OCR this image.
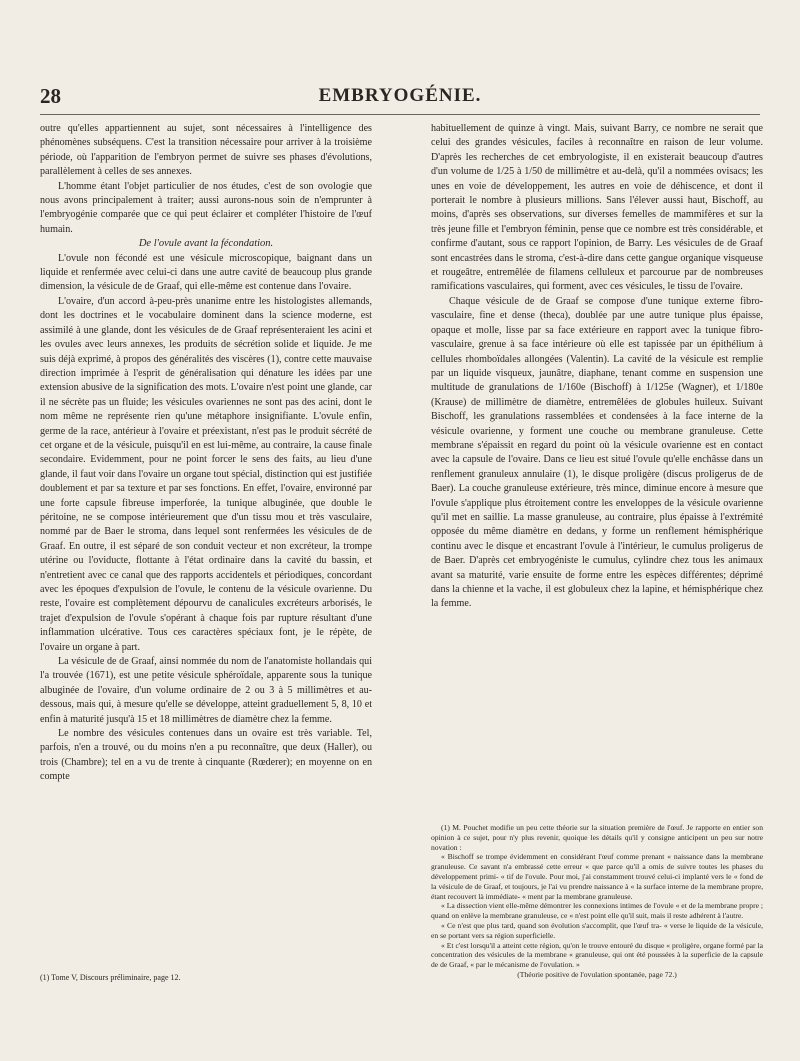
28	EMBRYOGÉNIE.

outre qu'elles appartiennent au sujet, sont nécessaires à l'intelligence des phénomènes subséquens. C'est la transition nécessaire pour arriver à la troisième période, où l'apparition de l'embryon permet de suivre ses phases d'évolutions, parallèlement à celles de ses annexes.

L'homme étant l'objet particulier de nos études, c'est de son ovologie que nous avons principalement à traiter; aussi aurons-nous soin de n'emprunter à l'embryogénie comparée que ce qui peut éclairer et compléter l'histoire de l'œuf humain.

De l'ovule avant la fécondation.

L'ovule non fécondé est une vésicule microscopique, baignant dans un liquide et renfermée avec celui-ci dans une autre cavité de beaucoup plus grande dimension, la vésicule de de Graaf, qui elle-même est contenue dans l'ovaire.

L'ovaire, d'un accord à-peu-près unanime entre les histologistes allemands, dont les doctrines et le vocabulaire dominent dans la science moderne, est assimilé à une glande, dont les vésicules de de Graaf représenteraient les acini et les ovules avec leurs annexes, les produits de sécrétion solide et liquide. Je me suis déjà exprimé, à propos des généralités des viscères (1), contre cette mauvaise direction imprimée à l'esprit de généralisation qui dénature les idées par une extension abusive de la signification des mots. L'ovaire n'est point une glande, car il ne sécrète pas un fluide; les vésicules ovariennes ne sont pas des acini, dont le nom même ne représente rien qu'une métaphore insignifiante. L'ovule enfin, germe de la race, antérieur à l'ovaire et préexistant, n'est pas le produit sécrété de cet organe et de la vésicule, puisqu'il en est lui-même, au contraire, la cause finale secondaire. Evidemment, pour ne point forcer le sens des faits, au lieu d'une glande, il faut voir dans l'ovaire un organe tout spécial, distinction qui est justifiée doublement et par sa texture et par ses fonctions. En effet, l'ovaire, environné par une forte capsule fibreuse imperforée, la tunique albuginée, que double le péritoine, ne se compose intérieurement que d'un tissu mou et très vasculaire, nommé par de Baer le stroma, dans lequel sont renfermées les vésicules de de Graaf. En outre, il est séparé de son conduit vecteur et non excréteur, la trompe utérine ou l'oviducte, flottante à l'état ordinaire dans la cavité du bassin, et n'entretient avec ce canal que des rapports accidentels et périodiques, concordant avec les époques d'expulsion de l'ovule, le contenu de la vésicule ovarienne. Du reste, l'ovaire est complètement dépourvu de canalicules excréteurs arborisés, le trajet d'expulsion de l'ovule s'opérant à chaque fois par rupture résultant d'une inflammation ulcérative. Tous ces caractères spéciaux font, je le répète, de l'ovaire un organe à part.

La vésicule de de Graaf, ainsi nommée du nom de l'anatomiste hollandais qui l'a trouvée (1671), est une petite vésicule sphéroïdale, apparente sous la tunique albuginée de l'ovaire, d'un volume ordinaire de 2 ou 3 à 5 millimètres et au-dessous, mais qui, à mesure qu'elle se développe, atteint graduellement 5, 8, 10 et enfin à maturité jusqu'à 15 et 18 millimètres de diamètre chez la femme.

Le nombre des vésicules contenues dans un ovaire est très variable. Tel, parfois, n'en a trouvé, ou du moins n'en a pu reconnaître, que deux (Haller), ou trois (Chambre); tel en a vu de trente à cinquante (Rœderer); en moyenne on en compte

(1) Tome V, Discours préliminaire, page 12.

habituellement de quinze à vingt. Mais, suivant Barry, ce nombre ne serait que celui des grandes vésicules, faciles à reconnaître en raison de leur volume. D'après les recherches de cet embryologiste, il en existerait beaucoup d'autres d'un volume de 1/25 à 1/50 de millimètre et au-delà, qu'il a nommées ovisacs; les unes en voie de développement, les autres en voie de déhiscence, et dont il porterait le nombre à plusieurs millions. Sans l'élever aussi haut, Bischoff, au moins, d'après ses observations, sur diverses femelles de mammifères et sur la très jeune fille et l'embryon féminin, pense que ce nombre est très considérable, et confirme d'autant, sous ce rapport l'opinion, de Barry. Les vésicules de de Graaf sont encastrées dans le stroma, c'est-à-dire dans cette gangue organique visqueuse et rougeâtre, entremêlée de filamens celluleux et parcourue par de nombreuses ramifications vasculaires, qui forment, avec ces vésicules, le tissu de l'ovaire.

Chaque vésicule de de Graaf se compose d'une tunique externe fibro-vasculaire, fine et dense (theca), doublée par une autre tunique plus épaisse, opaque et molle, lisse par sa face extérieure en rapport avec la tunique fibro-vasculaire, grenue à sa face intérieure où elle est tapissée par un épithélium à cellules rhomboïdales allongées (Valentin). La cavité de la vésicule est remplie par un liquide visqueux, jaunâtre, diaphane, tenant comme en suspension une multitude de granulations de 1/160e (Bischoff) à 1/125e (Wagner), et 1/180e (Krause) de millimètre de diamètre, entremêlées de globules huileux. Suivant Bischoff, les granulations rassemblées et condensées à la face interne de la vésicule ovarienne, y forment une couche ou membrane granuleuse. Cette membrane s'épaissit en regard du point où la vésicule ovarienne est en contact avec la capsule de l'ovaire. Dans ce lieu est situé l'ovule qu'elle enchâsse dans un renflement granuleux annulaire (1), le disque proligère (discus proligerus de de Baer). La couche granuleuse extérieure, très mince, diminue encore à mesure que l'ovule s'applique plus étroitement contre les enveloppes de la vésicule ovarienne qu'il met en saillie. La masse granuleuse, au contraire, plus épaisse à l'extrémité opposée du même diamètre en dedans, y forme un renflement hémisphérique continu avec le disque et encastrant l'ovule à l'intérieur, le cumulus proligerus de de Baer. D'après cet embryogéniste le cumulus, cylindre chez tous les animaux avant sa maturité, varie ensuite de forme entre les espèces différentes; déprimé dans la chienne et la vache, il est globuleux chez la lapine, et hémisphérique chez la femme.

(1) M. Pouchet modifie un peu cette théorie sur la situation première de l'œuf. Je rapporte en entier son opinion à ce sujet, pour n'y plus revenir, quoique les détails qu'il y consigne anticipent un peu sur notre novation :

« Bischoff se trompe évidemment en considérant l'œuf comme prenant « naissance dans la membrane granuleuse. Ce savant n'a embrassé cette erreur « que parce qu'il a omis de suivre toutes les phases du développement primi- « tif de l'ovule. Pour moi, j'ai constamment trouvé celui-ci implanté vers le « fond de la vésicule de de Graaf, et toujours, je l'ai vu prendre naissance à « la surface interne de la membrane propre, étant recouvert là immédiate- « ment par la membrane granuleuse.

« La dissection vient elle-même démontrer les connexions intimes de l'ovule « et de la membrane propre ; quand on enlève la membrane granuleuse, ce « n'est point elle qu'il suit, mais il reste adhérent à l'autre.

« Ce n'est que plus tard, quand son évolution s'accomplit, que l'œuf tra- « verse le liquide de la vésicule, en se portant vers sa région superficielle.

« Et c'est lorsqu'il a atteint cette région, qu'on le trouve entouré du disque « proligère, organe formé par la concentration des vésicules de la membrane « granuleuse, qui ont été poussées à la superficie de la capsule de de Graaf, « par le mécanisme de l'ovulation. »

(Théorie positive de l'ovulation spontanée, page 72.)
